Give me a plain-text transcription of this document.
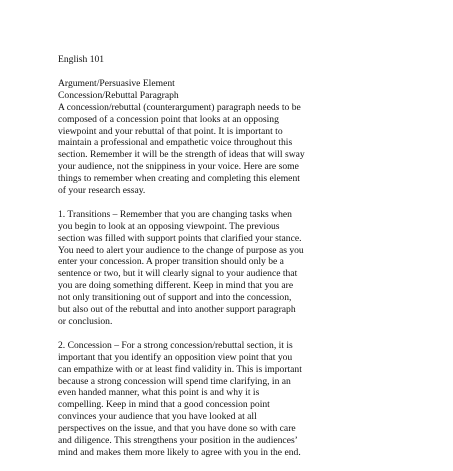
English 101
Argument/Persuasive Element
Concession/Rebuttal Paragraph

A concession/rebuttal (counterargument) paragraph needs to be
composed of a concession point that looks at an opposing
viewpoint and your rebuttal of that point. It is important to
maintain a professional and empathetic voice throughout this
section. Remember it will be the strength of ideas that will sway
your audience, not the snippiness in your voice. Here are some
things to remember when creating and completing this element
of your research essay.

1. Transitions – Remember that you are changing tasks when
you begin to look at an opposing viewpoint. The previous
section was filled with support points that clarified your stance.
You need to alert your audience to the change of purpose as you
enter your concession. A proper transition should only be a
sentence or two, but it will clearly signal to your audience that
you are doing something different. Keep in mind that you are
not only transitioning out of support and into the concession,
but also out of the rebuttal and into another support paragraph
or conclusion.

2. Concession – For a strong concession/rebuttal section, it is
important that you identify an opposition view point that you
can empathize with or at least find validity in. This is important
because a strong concession will spend time clarifying, in an
even handed manner, what this point is and why it is
compelling. Keep in mind that a good concession point
convinces your audience that you have looked at all
perspectives on the issue, and that you have done so with care
and diligence. This strengthens your position in the audiences’
mind and makes them more likely to agree with you in the end.
